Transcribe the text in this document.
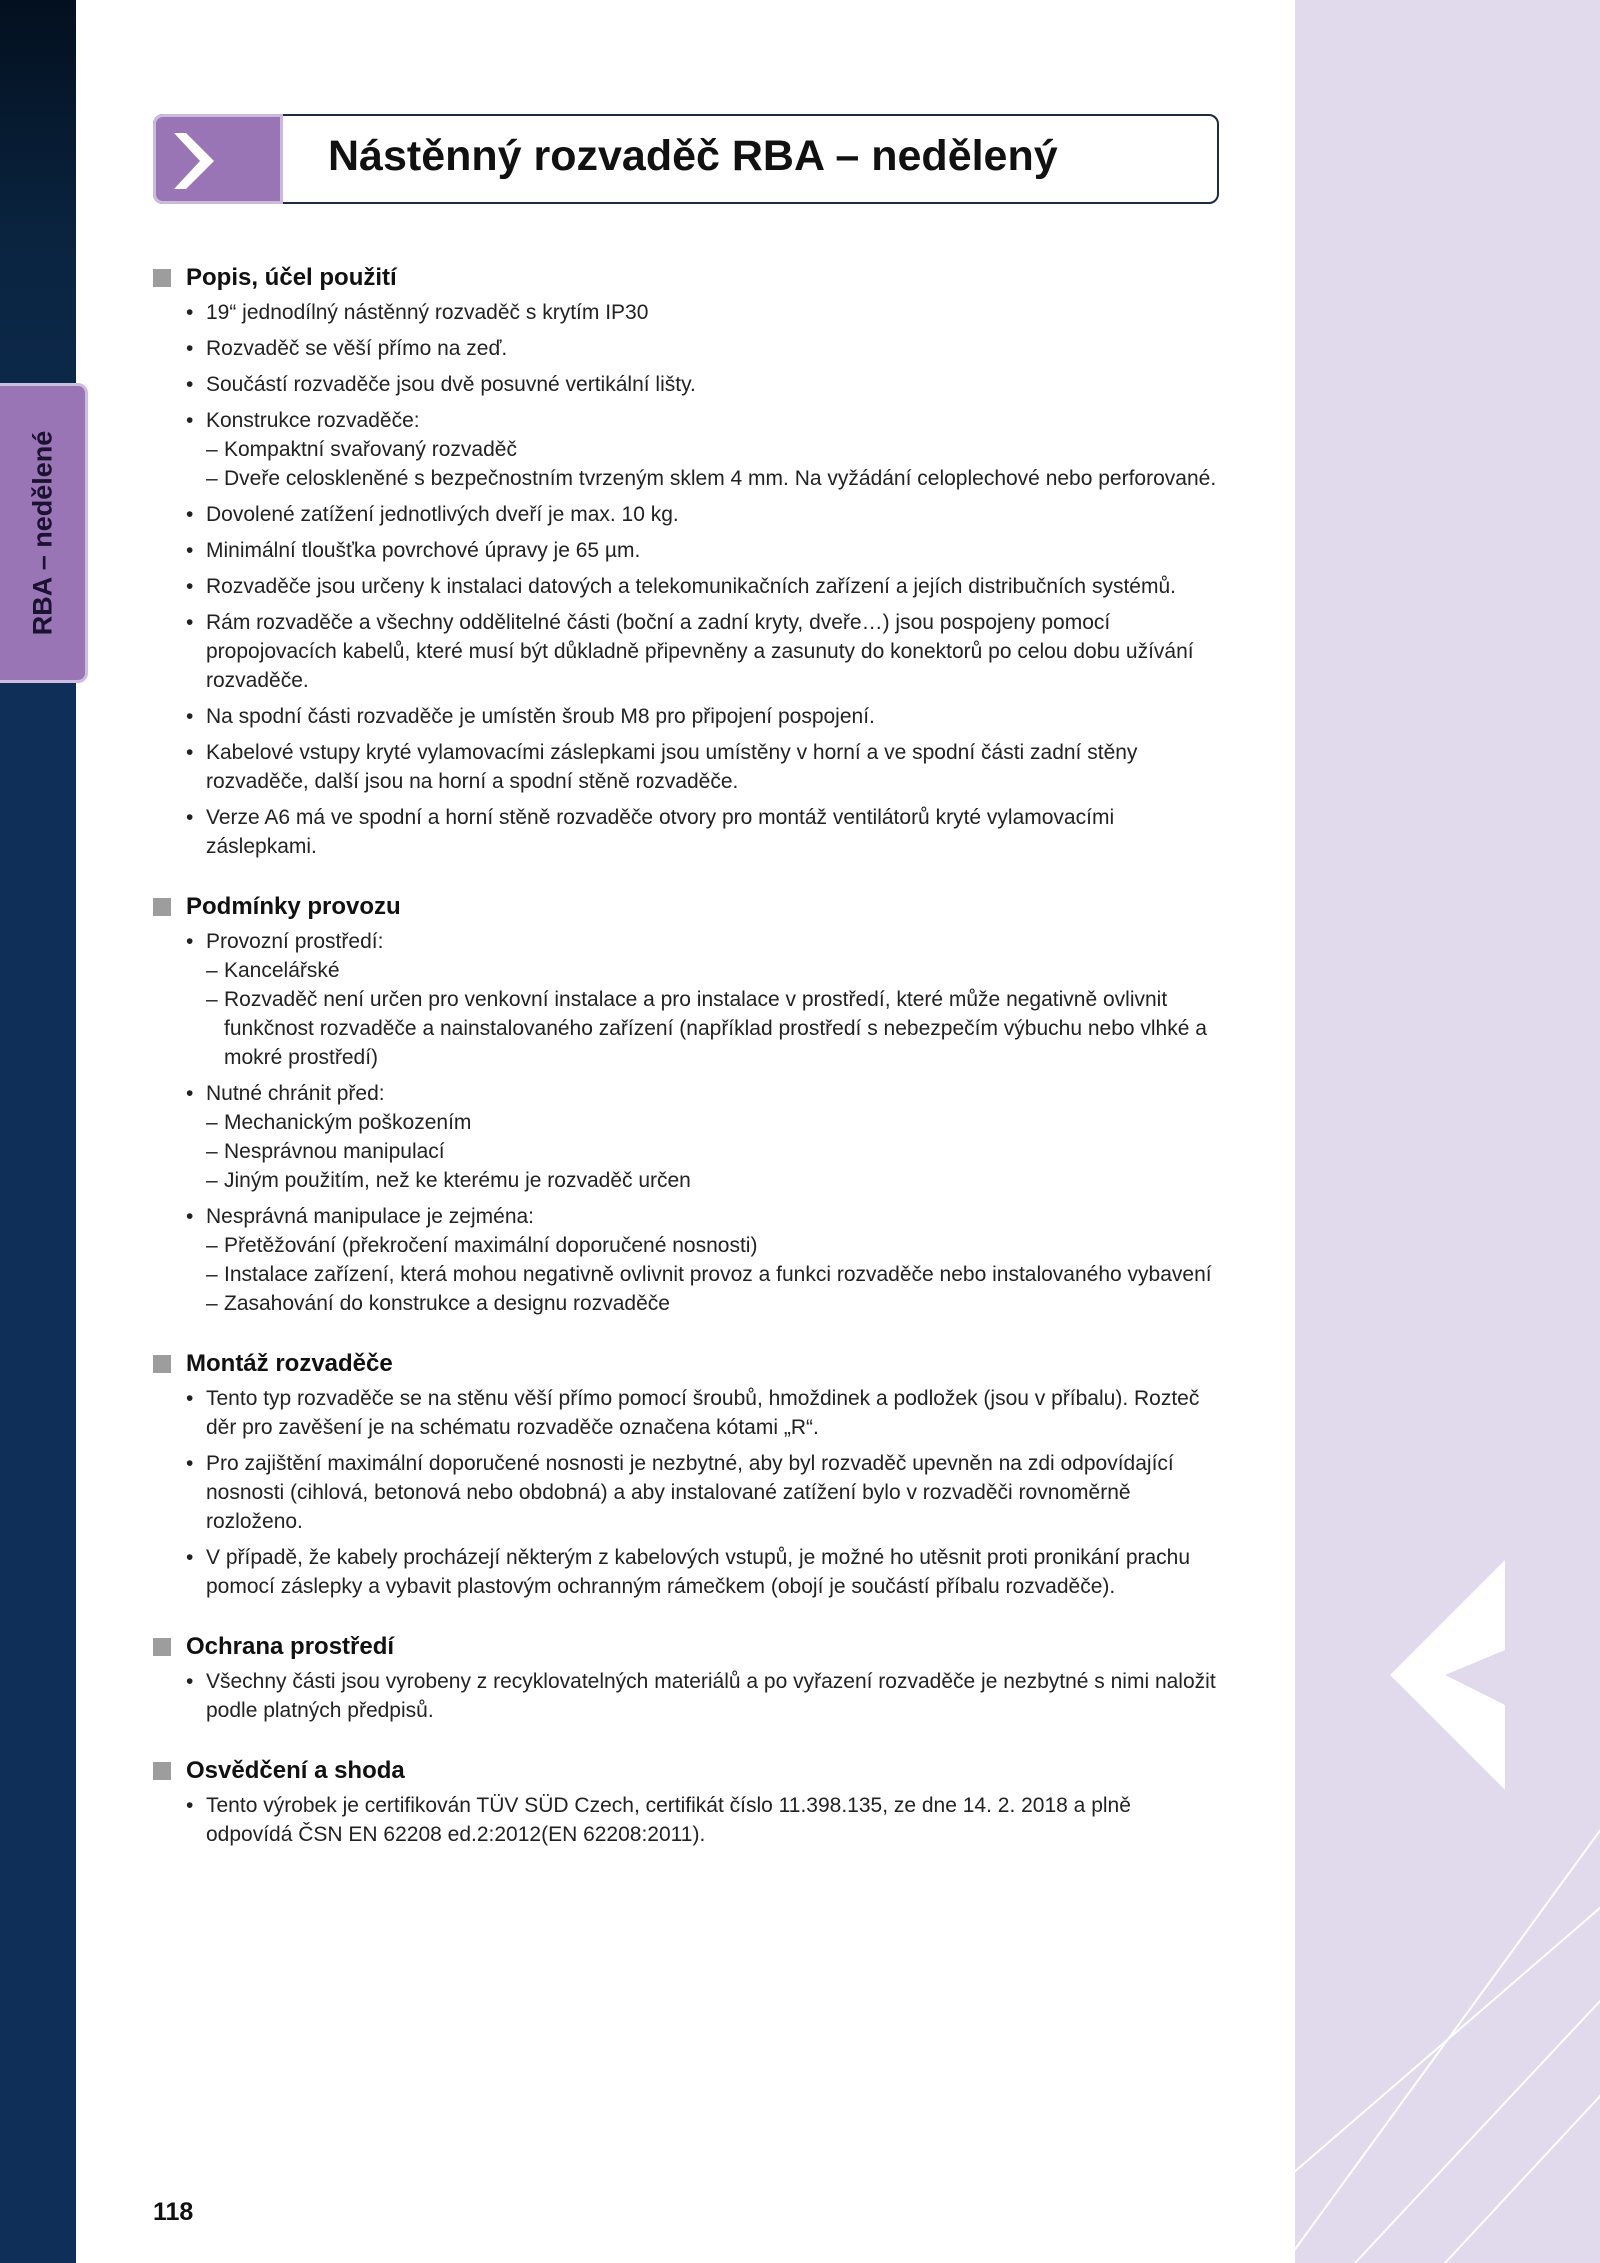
RBA – nedělené
Nástěnný rozvaděč RBA – nedělený
Popis, účel použití
• 19“ jednodílný nástěnný rozvaděč s krytím IP30
• Rozvaděč se věší přímo na zeď.
• Součástí rozvaděče jsou dvě posuvné vertikální lišty.
• Konstrukce rozvaděče:
– Kompaktní svařovaný rozvaděč
– Dveře celoskleněné s bezpečnostním tvrzeným sklem 4 mm. Na vyžádání celoplechové nebo perforované.
• Dovolené zatížení jednotlivých dveří je max. 10 kg.
• Minimální tloušťka povrchové úpravy je 65 µm.
• Rozvaděče jsou určeny k instalaci datových a telekomunikačních zařízení a jejích distribučních systémů.
• Rám rozvaděče a všechny oddělitelné části (boční a zadní kryty, dveře…) jsou pospojeny pomocí propojovacích kabelů, které musí být důkladně připevněny a zasunuty do konektorů po celou dobu užívání rozvaděče.
• Na spodní části rozvaděče je umístěn šroub M8 pro připojení pospojení.
• Kabelové vstupy kryté vylamovacími záslepkami jsou umístěny v horní a ve spodní části zadní stěny rozvaděče, další jsou na horní a spodní stěně rozvaděče.
• Verze A6 má ve spodní a horní stěně rozvaděče otvory pro montáž ventilátorů kryté vylamovacími záslepkami.
Podmínky provozu
• Provozní prostředí:
– Kancelářské
– Rozvaděč není určen pro venkovní instalace a pro instalace v prostředí, které může negativně ovlivnit funkčnost rozvaděče a nainstalovaného zařízení (například prostředí s nebezpečím výbuchu nebo vlhké a mokré prostředí)
• Nutné chránit před:
– Mechanickým poškozením
– Nesprávnou manipulací
– Jiným použitím, než ke kterému je rozvaděč určen
• Nesprávná manipulace je zejména:
– Přetěžování (překročení maximální doporučené nosnosti)
– Instalace zařízení, která mohou negativně ovlivnit provoz a funkci rozvaděče nebo instalovaného vybavení
– Zasahování do konstrukce a designu rozvaděče
Montáž rozvaděče
• Tento typ rozvaděče se na stěnu věší přímo pomocí šroubů, hmoždinek a podložek (jsou v příbalu). Rozteč děr pro zavěšení je na schématu rozvaděče označena kótami „R“.
• Pro zajištění maximální doporučené nosnosti je nezbytné, aby byl rozvaděč upevněn na zdi odpovídající nosnosti (cihlová, betonová nebo obdobná) a aby instalované zatížení bylo v rozvaděči rovnoměrně rozloženo.
• V případě, že kabely procházejí některým z kabelových vstupů, je možné ho utěsnit proti pronikání prachu pomocí záslepky a vybavit plastovým ochranným rámečkem (obojí je součástí příbalu rozvaděče).
Ochrana prostředí
• Všechny části jsou vyrobeny z recyklovatelných materiálů a po vyřazení rozvaděče je nezbytné s nimi naložit podle platných předpisů.
Osvědčení a shoda
• Tento výrobek je certifikován TÜV SÜD Czech, certifikát číslo 11.398.135, ze dne 14. 2. 2018 a plně odpovídá ČSN EN 62208 ed.2:2012(EN 62208:2011).
118
